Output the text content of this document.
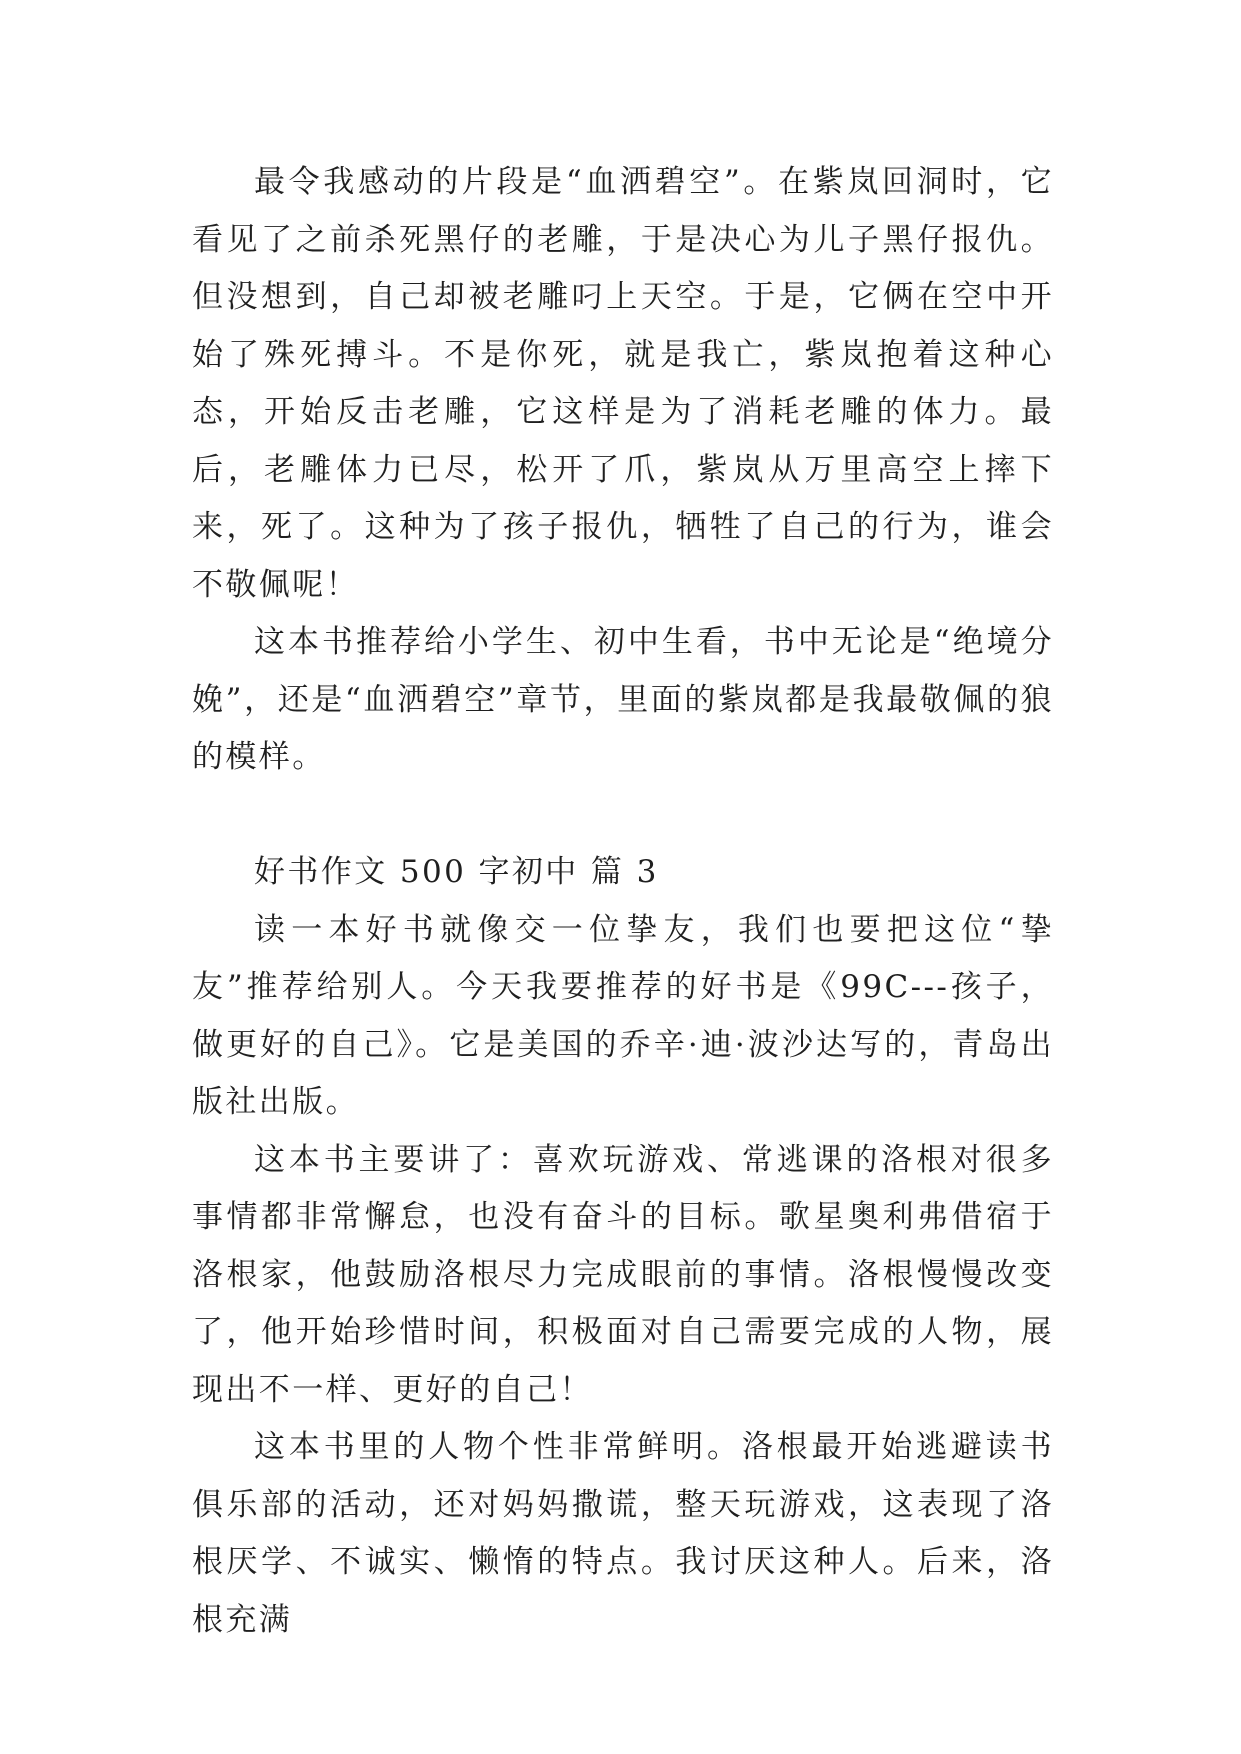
最令我感动的片段是“血洒碧空”。在紫岚回洞时，它看见了之前杀死黑仔的老雕，于是决心为儿子黑仔报仇。但没想到，自己却被老雕叼上天空。于是，它俩在空中开始了殊死搏斗。不是你死，就是我亡，紫岚抱着这种心态，开始反击老雕，它这样是为了消耗老雕的体力。最后，老雕体力已尽，松开了爪，紫岚从万里高空上摔下来，死了。这种为了孩子报仇，牺牲了自己的行为，谁会不敬佩呢！

这本书推荐给小学生、初中生看，书中无论是“绝境分娩”，还是“血洒碧空”章节，里面的紫岚都是我最敬佩的狼的模样。

好书作文 500 字初中 篇 3

读一本好书就像交一位挚友，我们也要把这位“挚友”推荐给别人。今天我要推荐的好书是《99C---孩子，做更好的自己》。它是美国的乔辛·迪·波沙达写的，青岛出版社出版。

这本书主要讲了：喜欢玩游戏、常逃课的洛根对很多事情都非常懈怠，也没有奋斗的目标。歌星奥利弗借宿于洛根家，他鼓励洛根尽力完成眼前的事情。洛根慢慢改变了，他开始珍惜时间，积极面对自己需要完成的人物，展现出不一样、更好的自己！

这本书里的人物个性非常鲜明。洛根最开始逃避读书俱乐部的活动，还对妈妈撒谎，整天玩游戏，这表现了洛根厌学、不诚实、懒惰的特点。我讨厌这种人。后来，洛根充满
